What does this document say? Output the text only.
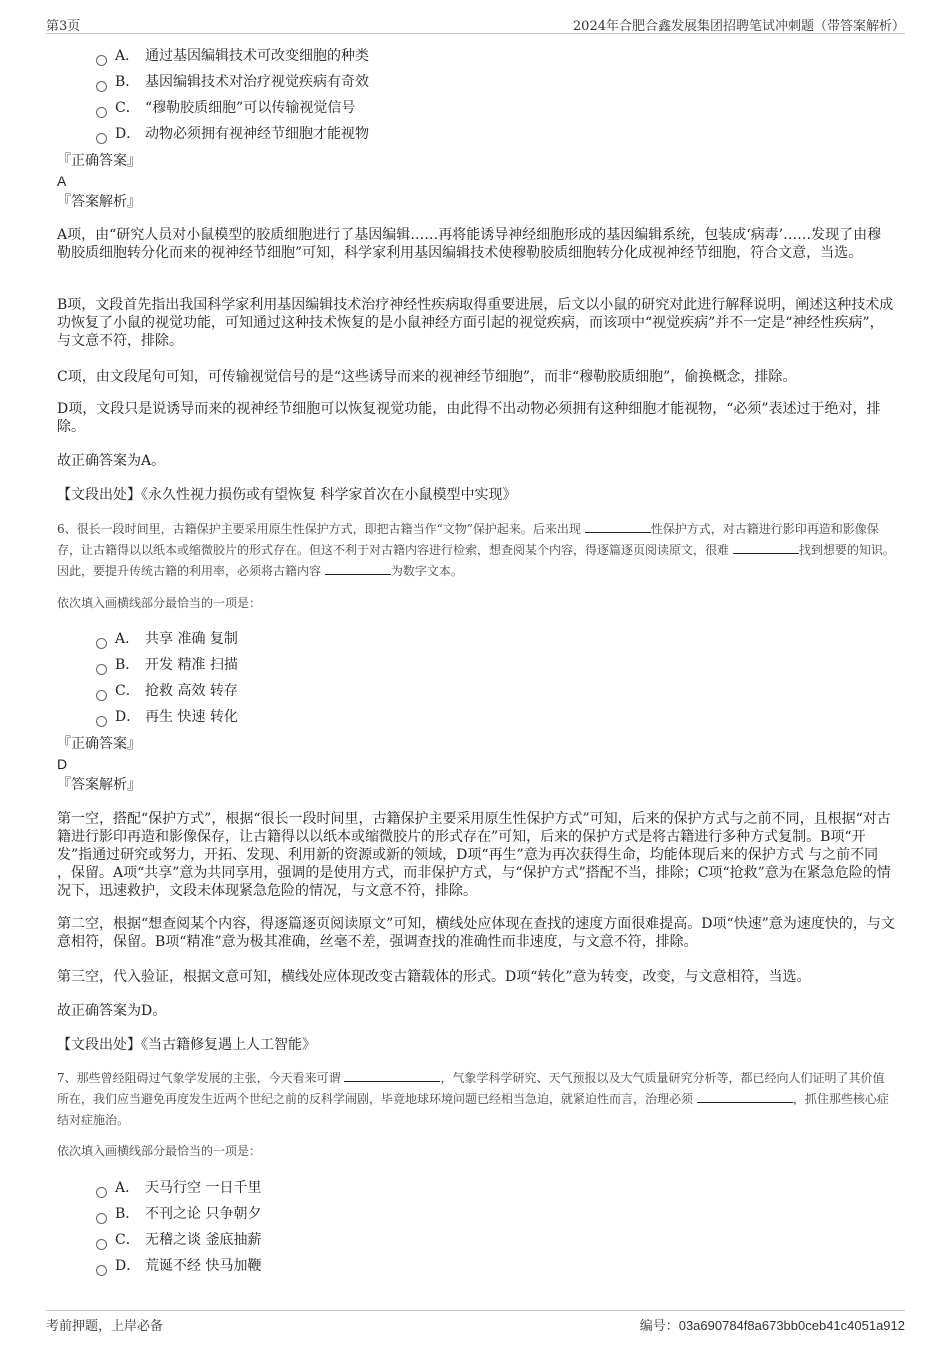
第3页	2024年合肥合鑫发展集团招聘笔试冲刺题（带答案解析）
A． 通过基因编辑技术可改变细胞的种类
B． 基因编辑技术对治疗视觉疾病有奇效
C． “穆勒胶质细胞”可以传输视觉信号
D． 动物必须拥有视神经节细胞才能视物
『正确答案』
A
『答案解析』
A项，由“研究人员对小鼠模型的胶质细胞进行了基因编辑……再将能诱导神经细胞形成的基因编辑系统，包装成‘病毒’……发现了由穆勒胶质细胞转分化而来的视神经节细胞”可知，科学家利用基因编辑技术使穆勒胶质细胞转分化成视神经节细胞，符合文意，当选。
B项，文段首先指出我国科学家利用基因编辑技术治疗神经性疾病取得重要进展，后文以小鼠的研究对此进行解释说明，阐述这种技术成功恢复了小鼠的视觉功能，可知通过这种技术恢复的是小鼠神经方面引起的视觉疾病，而该项中“视觉疾病”并不一定是“神经性疾病”，与文意不符，排除。
C项，由文段尾句可知，可传输视觉信号的是“这些诱导而来的视神经节细胞”，而非“穆勒胶质细胞”，偷换概念，排除。
D项，文段只是说诱导而来的视神经节细胞可以恢复视觉功能，由此得不出动物必须拥有这种细胞才能视物，“必须”表述过于绝对，排除。
故正确答案为A。
【文段出处】《永久性视力损伤或有望恢复 科学家首次在小鼠模型中实现》
6、很长一段时间里，古籍保护主要采用原生性保护方式，即把古籍当作“文物”保护起来。后来出现	性保护方式，对古籍进行影印再造和影像保存，让古籍得以以纸本或缩微胶片的形式存在。但这不利于对古籍内容进行检索，想查阅某个内容，得逐篇逐页阅读原文，很难	找到想要的知识。因此，要提升传统古籍的利用率，必须将古籍内容	为数字文本。
依次填入画横线部分最恰当的一项是：
A． 共享 准确 复制
B． 开发 精准 扫描
C． 抢救 高效 转存
D． 再生 快速 转化
『正确答案』
D
『答案解析』
第一空，搭配“保护方式”，根据“很长一段时间里，古籍保护主要采用原生性保护方式”可知，后来的保护方式与之前不同，且根据“对古籍进行影印再造和影像保存，让古籍得以以纸本或缩微胶片的形式存在”可知，后来的保护方式是将古籍进行多种方式复制。B项“开发”指通过研究或努力，开拓、发现、利用新的资源或新的领域，D项“再生”意为再次获得生命，均能体现后来的保护方式 与之前不同 ，保留。A项“共享”意为共同享用，强调的是使用方式，而非保护方式，与“保护方式”搭配不当，排除；C项“抢救”意为在紧急危险的情况下，迅速救护，文段未体现紧急危险的情况，与文意不符，排除。
第二空，根据“想查阅某个内容，得逐篇逐页阅读原文”可知，横线处应体现在查找的速度方面很难提高。D项“快速”意为速度快的，与文意相符，保留。B项“精准”意为极其准确，丝毫不差，强调查找的准确性而非速度，与文意不符，排除。
第三空，代入验证，根据文意可知，横线处应体现改变古籍载体的形式。D项“转化”意为转变，改变，与文意相符，当选。
故正确答案为D。
【文段出处】《当古籍修复遇上人工智能》
7、那些曾经阻碍过气象学发展的主张，今天看来可谓	，气象学科学研究、天气预报以及大气质量研究分析等，都已经向人们证明了其价值所在，我们应当避免再度发生近两个世纪之前的反科学闹剧，毕竟地球环境问题已经相当急迫，就紧迫性而言，治理必须	，抓住那些核心症结对症施治。
依次填入画横线部分最恰当的一项是：
A． 天马行空 一日千里
B． 不刊之论 只争朝夕
C． 无稽之谈 釜底抽薪
D． 荒诞不经 快马加鞭
考前押题，上岸必备	编号：03a690784f8a673bb0ceb41c4051a912
